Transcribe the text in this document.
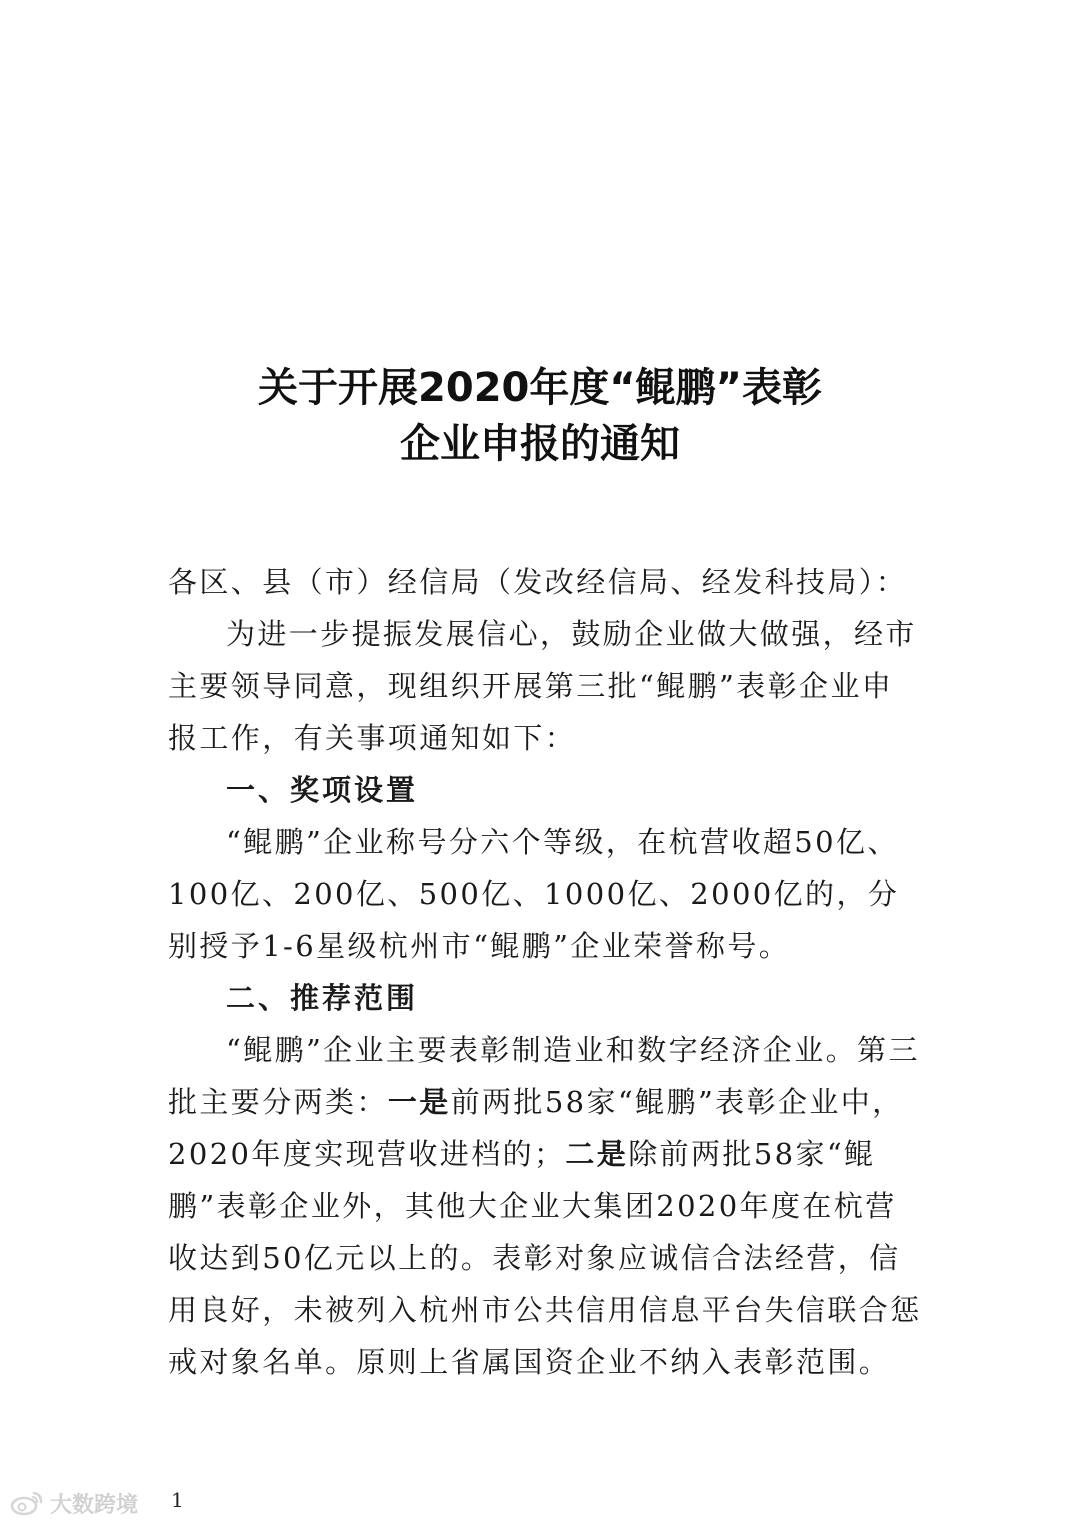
关于开展2020年度“鲲鹏”表彰
企业申报的通知

各区、县（市）经信局（发改经信局、经发科技局）：

为进一步提振发展信心，鼓励企业做大做强，经市主要领导同意，现组织开展第三批“鲲鹏”表彰企业申报工作，有关事项通知如下：

一、奖项设置

“鲲鹏”企业称号分六个等级，在杭营收超50亿、100亿、200亿、500亿、1000亿、2000亿的，分别授予1-6星级杭州市“鲲鹏”企业荣誉称号。

二、推荐范围

“鲲鹏”企业主要表彰制造业和数字经济企业。第三批主要分两类：一是前两批58家“鲲鹏”表彰企业中，2020年度实现营收进档的；二是除前两批58家“鲲鹏”表彰企业外，其他大企业大集团2020年度在杭营收达到50亿元以上的。表彰对象应诚信合法经营，信用良好，未被列入杭州市公共信用信息平台失信联合惩戒对象名单。原则上省属国资企业不纳入表彰范围。

1
大数跨境
